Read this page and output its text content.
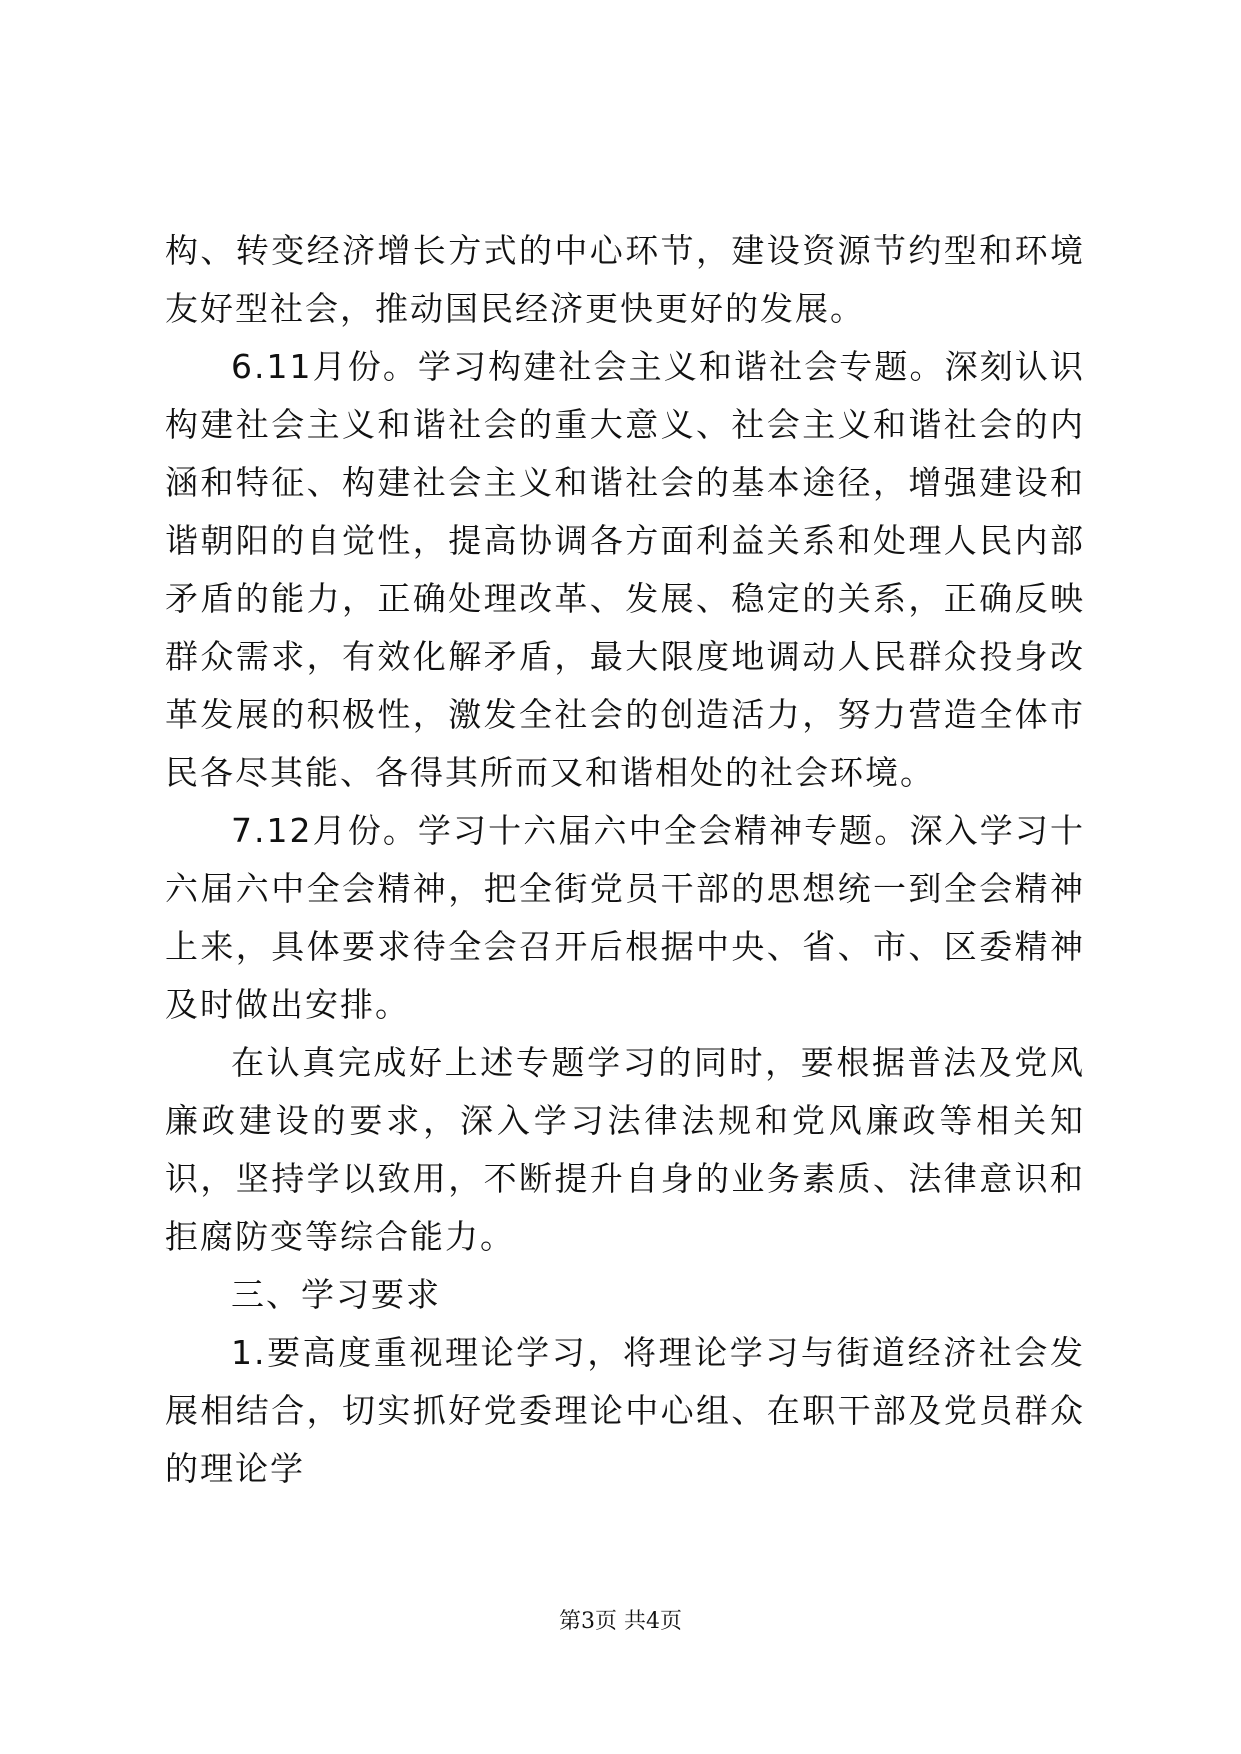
构、转变经济增长方式的中心环节，建设资源节约型和环境友好型社会，推动国民经济更快更好的发展。

6.11月份。学习构建社会主义和谐社会专题。深刻认识构建社会主义和谐社会的重大意义、社会主义和谐社会的内涵和特征、构建社会主义和谐社会的基本途径，增强建设和谐朝阳的自觉性，提高协调各方面利益关系和处理人民内部矛盾的能力，正确处理改革、发展、稳定的关系，正确反映群众需求，有效化解矛盾，最大限度地调动人民群众投身改革发展的积极性，激发全社会的创造活力，努力营造全体市民各尽其能、各得其所而又和谐相处的社会环境。

7.12月份。学习十六届六中全会精神专题。深入学习十六届六中全会精神，把全街党员干部的思想统一到全会精神上来，具体要求待全会召开后根据中央、省、市、区委精神及时做出安排。

在认真完成好上述专题学习的同时，要根据普法及党风廉政建设的要求，深入学习法律法规和党风廉政等相关知识，坚持学以致用，不断提升自身的业务素质、法律意识和拒腐防变等综合能力。

三、学习要求

1.要高度重视理论学习，将理论学习与街道经济社会发展相结合，切实抓好党委理论中心组、在职干部及党员群众的理论学

第3页 共4页
